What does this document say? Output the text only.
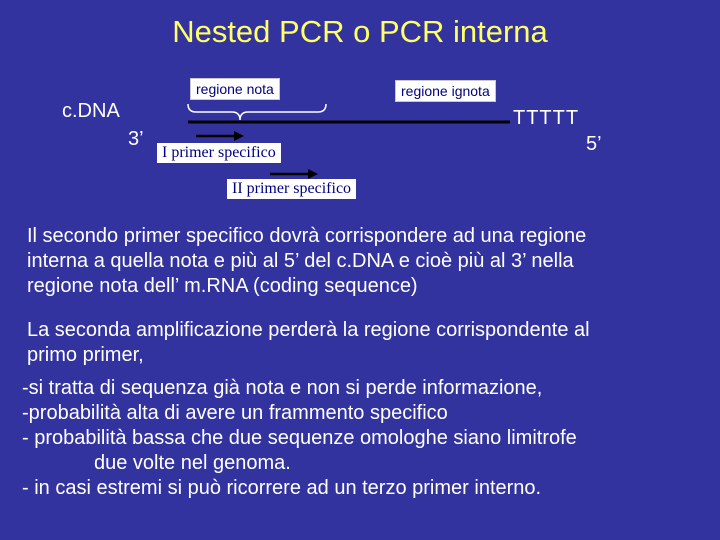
Nested PCR o PCR interna
regione nota	regione ignota
c.DNA
3’
TTTTT
5’
I primer specifico
II primer specifico
Il secondo primer specifico dovrà corrispondere ad una regione
interna a quella nota e più al 5’ del c.DNA e cioè più al 3’ nella
regione nota dell’ m.RNA (coding sequence)
La seconda amplificazione perderà la regione corrispondente al
primo primer,
-si tratta di sequenza già nota e non si perde informazione,
-probabilità alta di avere un frammento specifico
- probabilità bassa che due sequenze omologhe siano limitrofe
due volte nel genoma.
- in casi estremi si può ricorrere ad un terzo primer interno.
